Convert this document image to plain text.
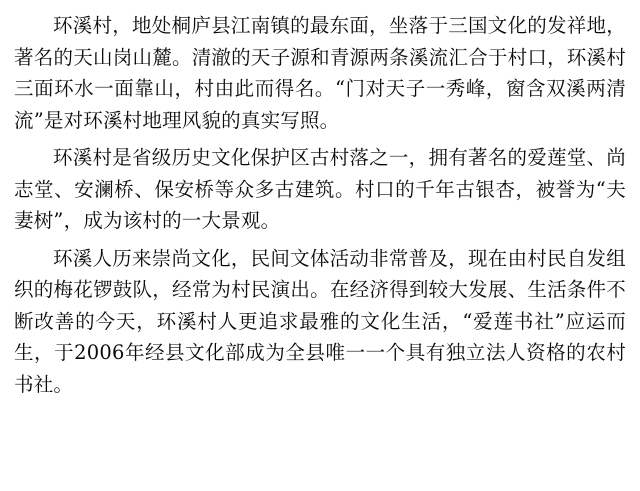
环溪村，地处桐庐县江南镇的最东面，坐落于三国文化的发祥地，著名的天山岗山麓。清澈的天子源和青源两条溪流汇合于村口，环溪村三面环水一面靠山，村由此而得名。“门对天子一秀峰，窗含双溪两清流”是对环溪村地理风貌的真实写照。

环溪村是省级历史文化保护区古村落之一，拥有著名的爱莲堂、尚志堂、安澜桥、保安桥等众多古建筑。村口的千年古银杏，被誉为“夫妻树”，成为该村的一大景观。

环溪人历来崇尚文化，民间文体活动非常普及，现在由村民自发组织的梅花锣鼓队，经常为村民演出。在经济得到较大发展、生活条件不断改善的今天，环溪村人更追求最雅的文化生活，“爱莲书社”应运而生，于2006年经县文化部成为全县唯一一个具有独立法人资格的农村书社。
